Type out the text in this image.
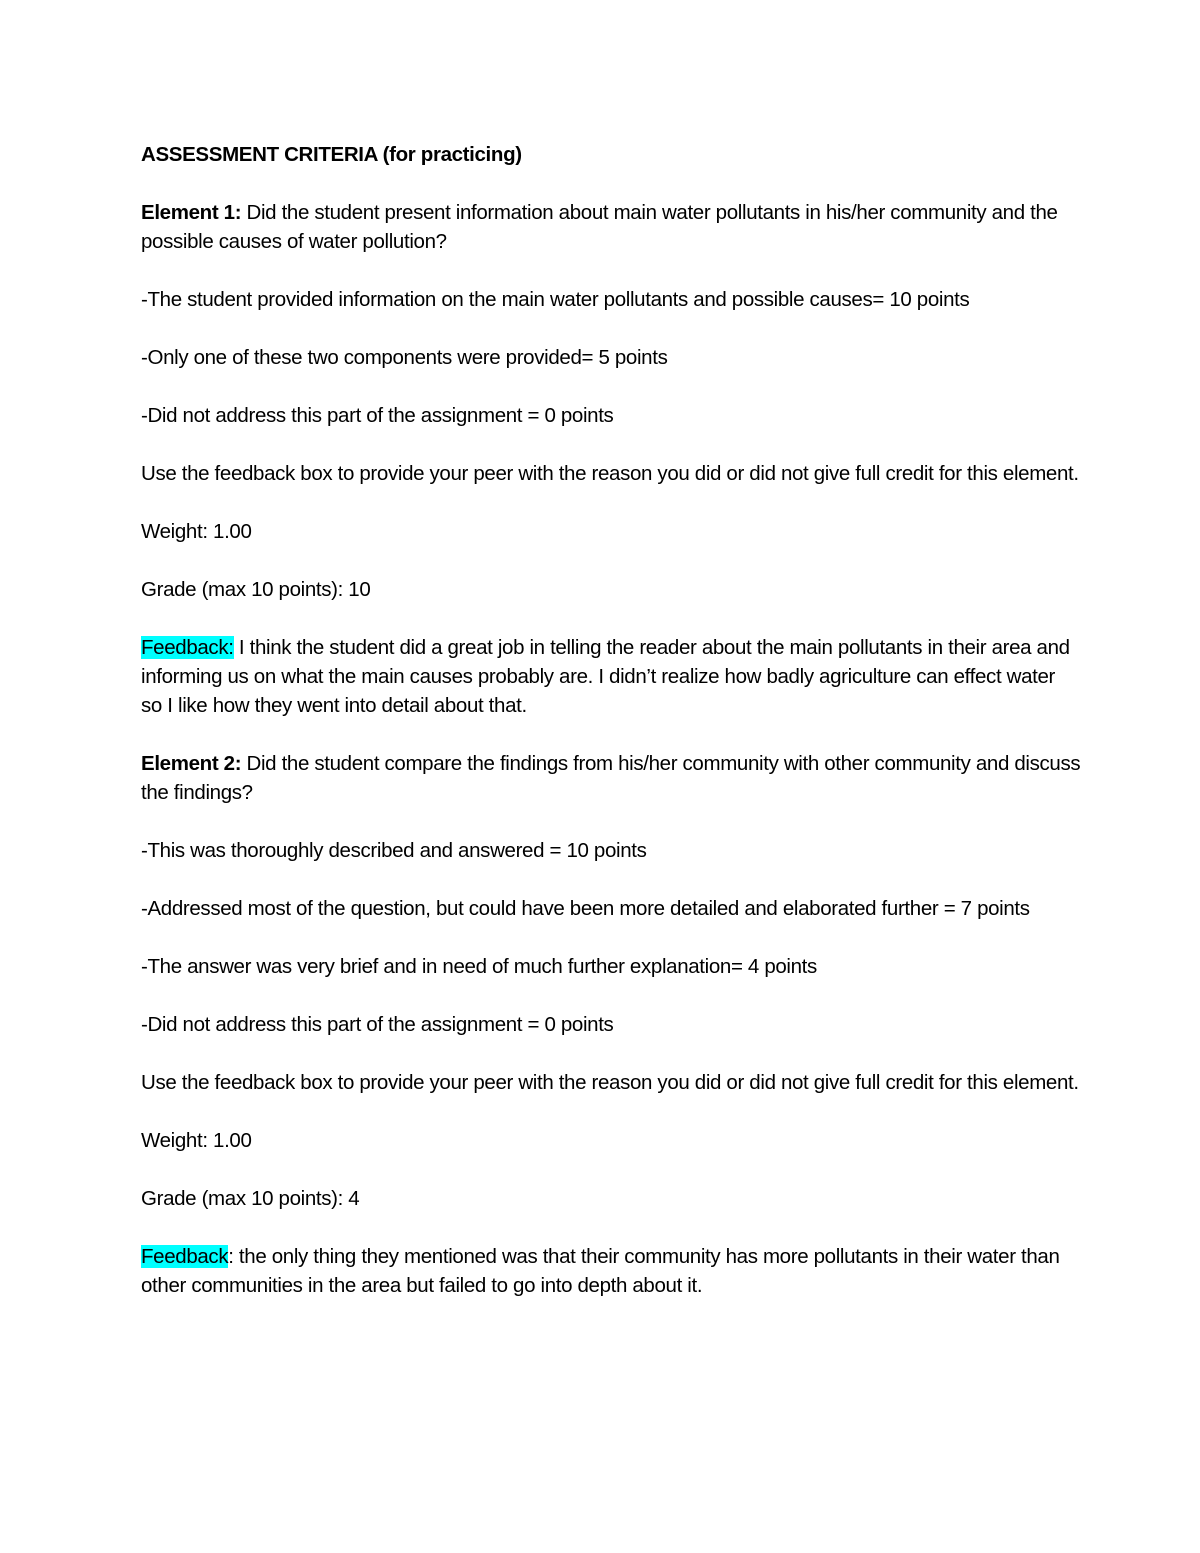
ASSESSMENT CRITERIA (for practicing)

Element 1: Did the student present information about main water pollutants in his/her community and the possible causes of water pollution?

-The student provided information on the main water pollutants and possible causes= 10 points

-Only one of these two components were provided= 5 points

-Did not address this part of the assignment = 0 points

Use the feedback box to provide your peer with the reason you did or did not give full credit for this element.

Weight: 1.00

Grade (max 10 points): 10

Feedback: I think the student did a great job in telling the reader about the main pollutants in their area and informing us on what the main causes probably are. I didn’t realize how badly agriculture can effect water so I like how they went into detail about that.

Element 2: Did the student compare the findings from his/her community with other community and discuss the findings?

-This was thoroughly described and answered = 10 points

-Addressed most of the question, but could have been more detailed and elaborated further = 7 points

-The answer was very brief and in need of much further explanation= 4 points

-Did not address this part of the assignment = 0 points

Use the feedback box to provide your peer with the reason you did or did not give full credit for this element.

Weight: 1.00

Grade (max 10 points): 4

Feedback: the only thing they mentioned was that their community has more pollutants in their water than other communities in the area but failed to go into depth about it.
